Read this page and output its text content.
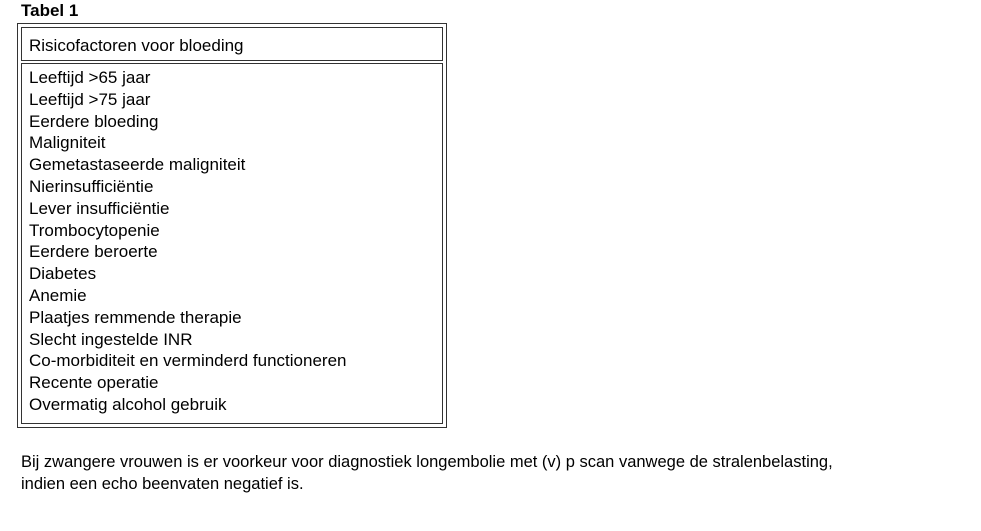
Tabel 1
Risicofactoren voor bloeding
Leeftijd >65 jaar
Leeftijd >75 jaar
Eerdere bloeding
Maligniteit
Gemetastaseerde maligniteit
Nierinsufficiëntie
Lever insufficiëntie
Trombocytopenie
Eerdere beroerte
Diabetes
Anemie
Plaatjes remmende therapie
Slecht ingestelde INR
Co-morbiditeit en verminderd functioneren
Recente operatie
Overmatig alcohol gebruik

Bij zwangere vrouwen is er voorkeur voor diagnostiek longembolie met (v) p scan vanwege de stralenbelasting,
indien een echo beenvaten negatief is.
